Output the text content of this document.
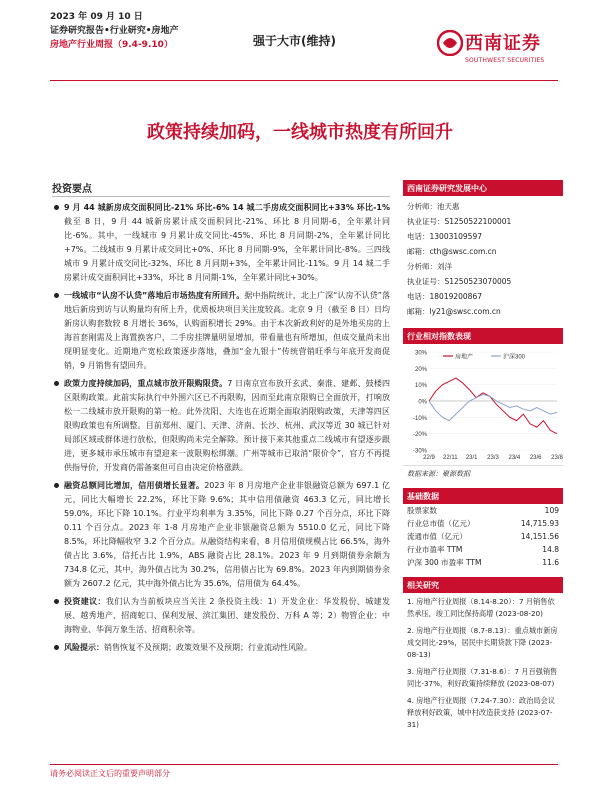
2023 年 09 月 10 日
证券研究报告•行业研究•房地产
房地产行业周报（9.4-9.10）	强于大市(维持)	西南证券
SOUTHWEST SECURITIES
政策持续加码，一线城市热度有所回升
投资要点
9 月 44 城新房成交面积同比-21% 环比-6% 14 城二手房成交面积同比+33% 环比-1% 截至 8 日，9 月 44 城新房累计成交面积同比-21%、环比 8 月同期-6，全年累计同比-6%。其中，一线城市 9 月累计成交同比-45%、环比 8 月同期-2%，全年累计同比+7%。二线城市 9 月累计成交同比+0%、环比 8 月同期-9%，全年累计同比-8%。三四线城市 9 月累计成交同比-32%、环比 8 月同期+3%，全年累计同比-11%。9 月 14 城二手房累计成交面积同比+33%，环比 8 月同期-1%，全年累计同比+30%。
一线城市“认房不认贷”落地后市场热度有所回升。据中指院统计，北上广深“认房不认贷”落地后新房到访与认购量均有所上升，优质板块项目关注度较高。北京 9 月（截至 8 日）日均新房认购套数较 8 月增长 36%，认购面积增长 29%。由于本次新政利好的是外地买房的上海首套刚需及上海置换客户，二手房挂牌量明显增加，带看量也有所增加，但成交量尚未出现明显变化。近期地产宽松政策逐步落地，叠加“金九银十”传统营销旺季与年底开发商促销，9 月销售有望回升。
政策力度持续加码，重点城市放开限购限贷。7 日南京宣布放开玄武、秦淮、建邺、鼓楼四区限购政策。此前实际执行中外围六区已不再限购，因而至此南京限购已全面放开，打响放松一二线城市放开限购的第一枪。此外沈阳、大连也在近期全面取消限购政策，天津等四区限购政策也有所调整。目前郑州、厦门、天津、济南、长沙、杭州、武汉等近 30 城已针对局部区域或群体进行放松，但限购尚未完全解除。预计接下来其他重点二线城市有望逐步跟进，更多城市承压城市有望迎来一波限购松绑潮。广州等城市已取消“限价令”，官方不再提供指导价，开发商仍需备案但可自由决定价格涨跌。
融资总额同比增加，信用债增长显著。2023 年 8 月房地产企业非银融资总额为 697.1 亿元，同比大幅增长 22.2%，环比下降 9.6%；其中信用债融资 463.3 亿元，同比增长 59.0%，环比下降 10.1%。行业平均利率为 3.35%，同比下降 0.27 个百分点，环比下降 0.11 个百分点。2023 年 1-8 月房地产企业非银融资总额为 5510.0 亿元，同比下降 8.5%，环比降幅收窄 3.2 个百分点。从融资结构来看，8 月信用债规模占比 66.5%，海外债占比 3.6%，信托占比 1.9%，ABS 融资占比 28.1%。2023 年 9 月到期债券余额为 734.8 亿元，其中，海外债占比为 30.2%，信用债占比为 69.8%。2023 年内到期债券余额为 2607.2 亿元，其中海外债占比为 35.6%，信用债为 64.4%。
投资建议：我们认为当前板块应当关注 2 条投资主线：1）开发企业：华发股份、城建发展、越秀地产、招商蛇口、保利发展、滨江集团、建发股份、万科 A 等；2）物管企业：中海物业、华润万象生活、招商积余等。
风险提示：销售恢复不及预期；政策效果不及预期；行业流动性风险。
西南证券研究发展中心
分析师：池天惠
执业证号：S1250522100001
电话：13003109597
邮箱：cth@swsc.com.cn
分析师：刘洋
执业证号：S1250523070005
电话：18019200867
邮箱：ly21@swsc.com.cn
行业相对指数表现
30%
20%
10%
0%
-10%
-20%
-30%
22/9 22/11 23/1 23/3 23/4 23/6 23/8
房地产	沪深300
数据来源：聚源数据
基础数据
股票家数	109
行业总市值（亿元）	14,715.93
流通市值（亿元）	14,151.56
行业市盈率 TTM	14.8
沪深 300 市盈率 TTM	11.6
相关研究
1. 房地产行业周报（8.14-8.20）：7 月销售依然承压，竣工同比保持高增 (2023-08-20)
2. 房地产行业周报（8.7-8.13）：重点城市新房成交同比-29%，居民中长期贷款下降 (2023-08-13)
3. 房地产行业周报（7.31-8.6）：7 月百强销售同比-37%，利好政策持续释放 (2023-08-07)
4. 房地产行业周报（7.24-7.30）：政治局会议释放利好政策，城中村改造获支持 (2023-07-31)
请务必阅读正文后的重要声明部分
